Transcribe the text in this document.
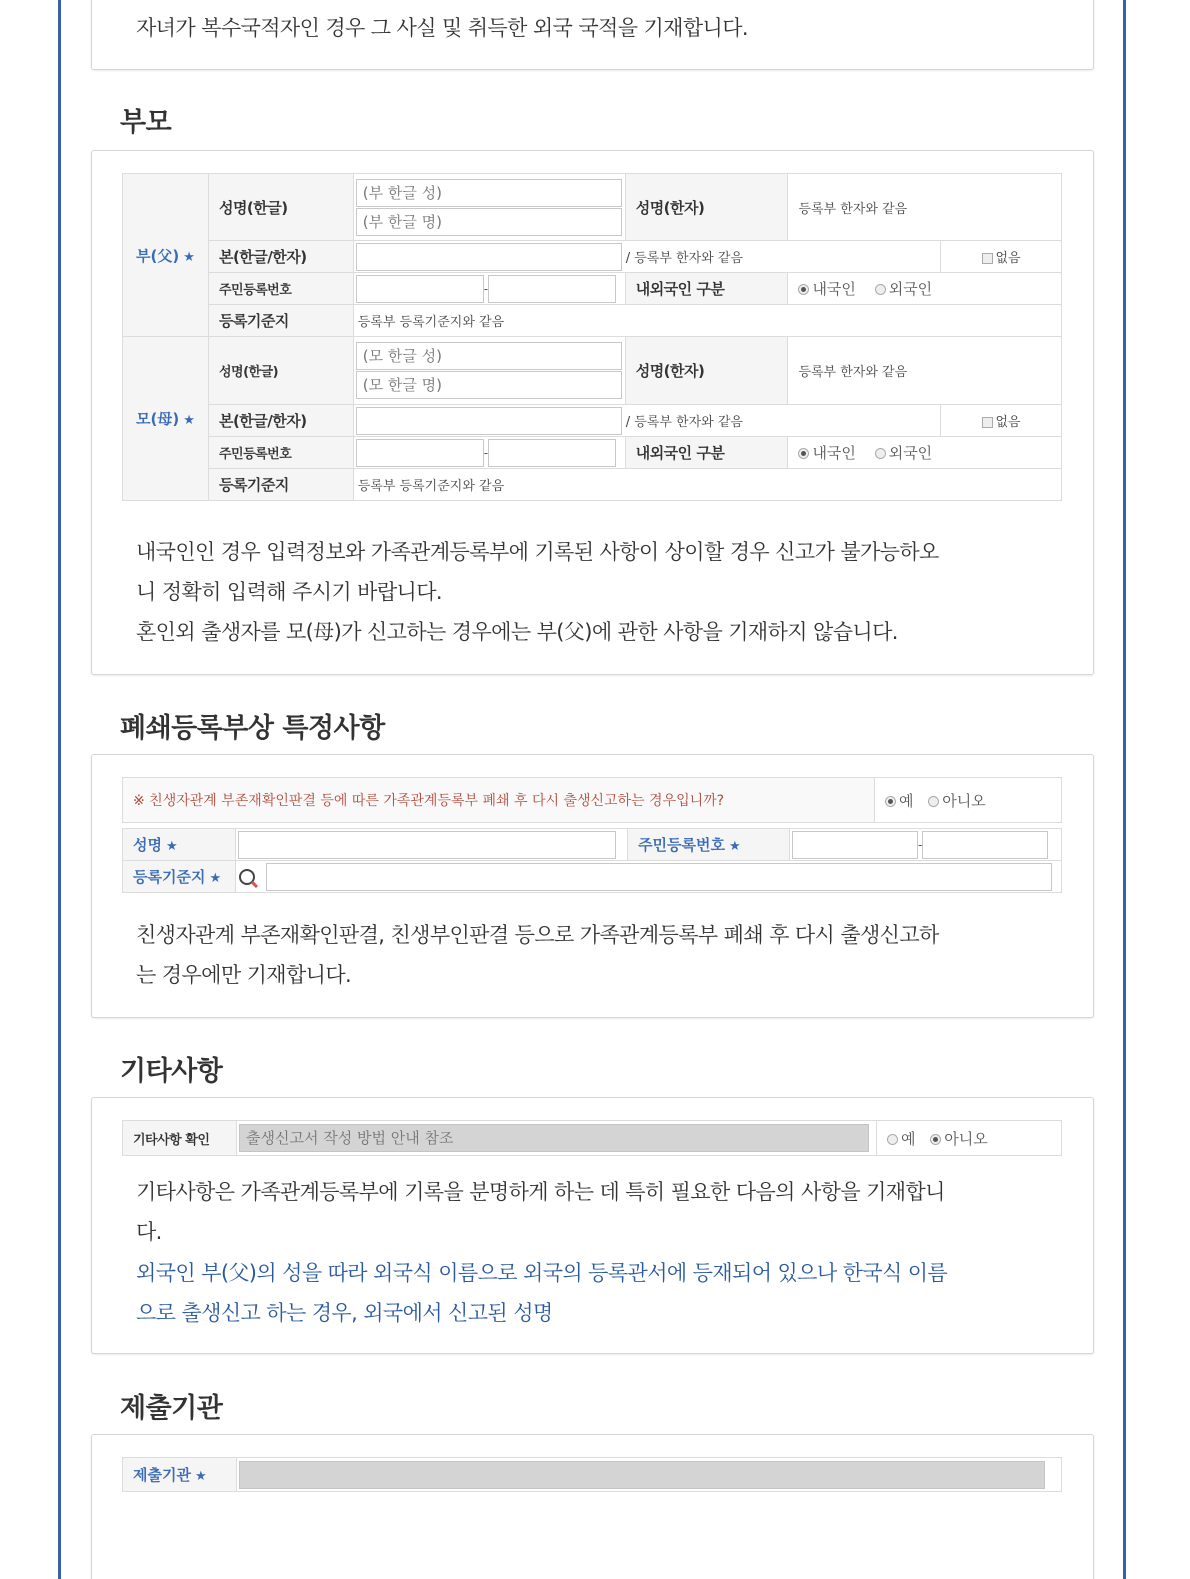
자녀가 복수국적자인 경우 그 사실 및 취득한 외국 국적을 기재합니다.
부모
부(父) ★	성명(한글)	
(부 한글 성)
(부 한글 명)	성명(한자)	등록부 한자와 같음	
	본(한글/한자)	/ 등록부 한자와 같음			없음
	주민등록번호	-	내외국인 구분	내국인 외국인	
	등록기준지	등록부 등록기준지와 같음			
모(母) ★	성명(한글)	
(모 한글 성)
(모 한글 명)	성명(한자)	등록부 한자와 같음	
	본(한글/한자)	/ 등록부 한자와 같음			없음
	주민등록번호	-	내외국인 구분	내국인 외국인	
	등록기준지	등록부 등록기준지와 같음			
내국인인 경우 입력정보와 가족관계등록부에 기록된 사항이 상이할 경우 신고가 불가능하오
니 정확히 입력해 주시기 바랍니다.
혼인외 출생자를 모(母)가 신고하는 경우에는 부(父)에 관한 사항을 기재하지 않습니다.
폐쇄등록부상 특정사항
※ 친생자관계 부존재확인판결 등에 따른 가족관계등록부 폐쇄 후 다시 출생신고하는 경우입니까?	예 아니오
성명 ★		주민등록번호 ★	-

등록기준지 ★	
친생자관계 부존재확인판결, 친생부인판결 등으로 가족관계등록부 폐쇄 후 다시 출생신고하
는 경우에만 기재합니다.
기타사항
기타사항 확인	
출생신고서 작성 방법 안내 참조	예 아니오
기타사항은 가족관계등록부에 기록을 분명하게 하는 데 특히 필요한 다음의 사항을 기재합니
다.
외국인 부(父)의 성을 따라 외국식 이름으로 외국의 등록관서에 등재되어 있으나 한국식 이름
으로 출생신고 하는 경우, 외국에서 신고된 성명
제출기관
제출기관 ★	
